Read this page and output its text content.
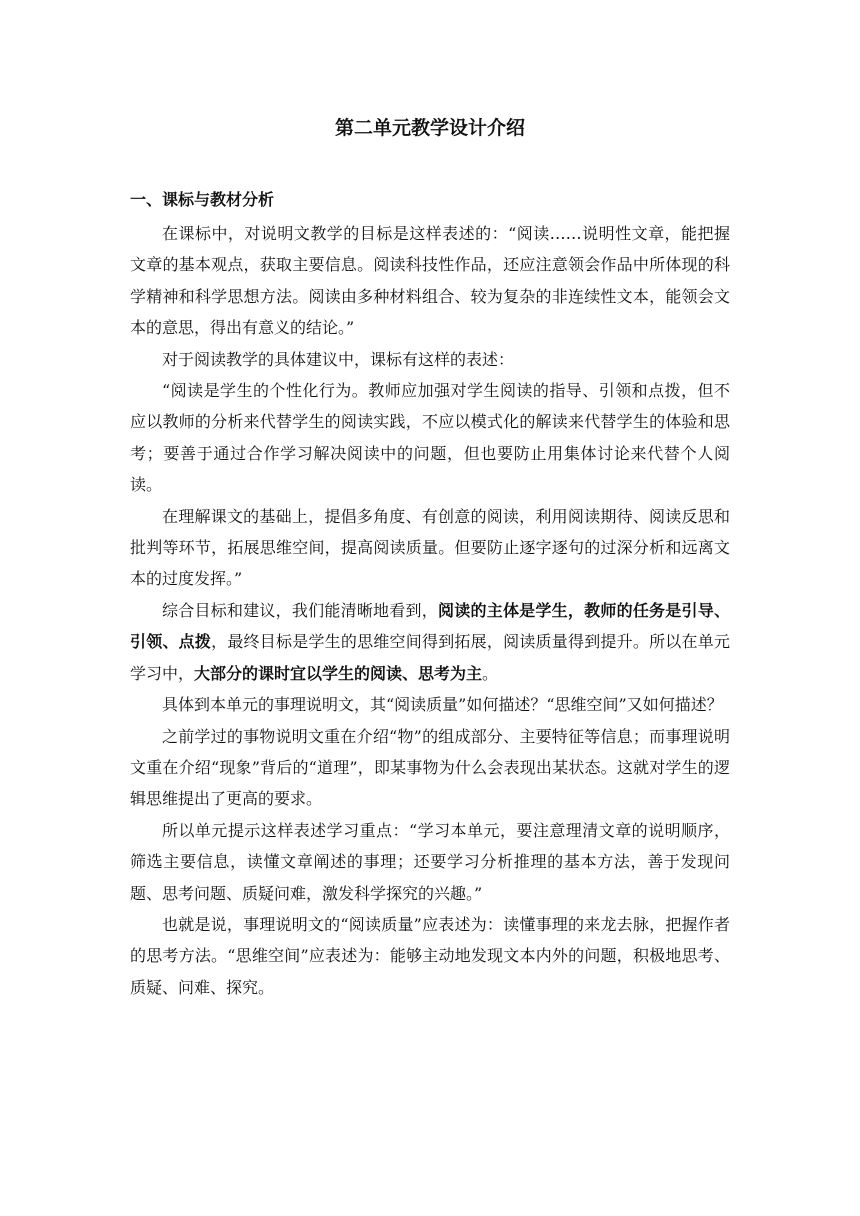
第二单元教学设计介绍
一、课标与教材分析

在课标中，对说明文教学的目标是这样表述的：“阅读……说明性文章，能把握文章的基本观点，获取主要信息。阅读科技性作品，还应注意领会作品中所体现的科学精神和科学思想方法。阅读由多种材料组合、较为复杂的非连续性文本，能领会文本的意思，得出有意义的结论。”

对于阅读教学的具体建议中，课标有这样的表述：

“阅读是学生的个性化行为。教师应加强对学生阅读的指导、引领和点拨，但不应以教师的分析来代替学生的阅读实践，不应以模式化的解读来代替学生的体验和思考；要善于通过合作学习解决阅读中的问题，但也要防止用集体讨论来代替个人阅读。

在理解课文的基础上，提倡多角度、有创意的阅读，利用阅读期待、阅读反思和批判等环节，拓展思维空间，提高阅读质量。但要防止逐字逐句的过深分析和远离文本的过度发挥。”

综合目标和建议，我们能清晰地看到，阅读的主体是学生，教师的任务是引导、引领、点拨，最终目标是学生的思维空间得到拓展，阅读质量得到提升。所以在单元学习中，大部分的课时宜以学生的阅读、思考为主。

具体到本单元的事理说明文，其“阅读质量”如何描述？“思维空间”又如何描述？

之前学过的事物说明文重在介绍“物”的组成部分、主要特征等信息；而事理说明文重在介绍“现象”背后的“道理”，即某事物为什么会表现出某状态。这就对学生的逻辑思维提出了更高的要求。

所以单元提示这样表述学习重点：“学习本单元，要注意理清文章的说明顺序，筛选主要信息，读懂文章阐述的事理；还要学习分析推理的基本方法，善于发现问题、思考问题、质疑问难，激发科学探究的兴趣。”

也就是说，事理说明文的“阅读质量”应表述为：读懂事理的来龙去脉，把握作者的思考方法。“思维空间”应表述为：能够主动地发现文本内外的问题，积极地思考、质疑、问难、探究。
